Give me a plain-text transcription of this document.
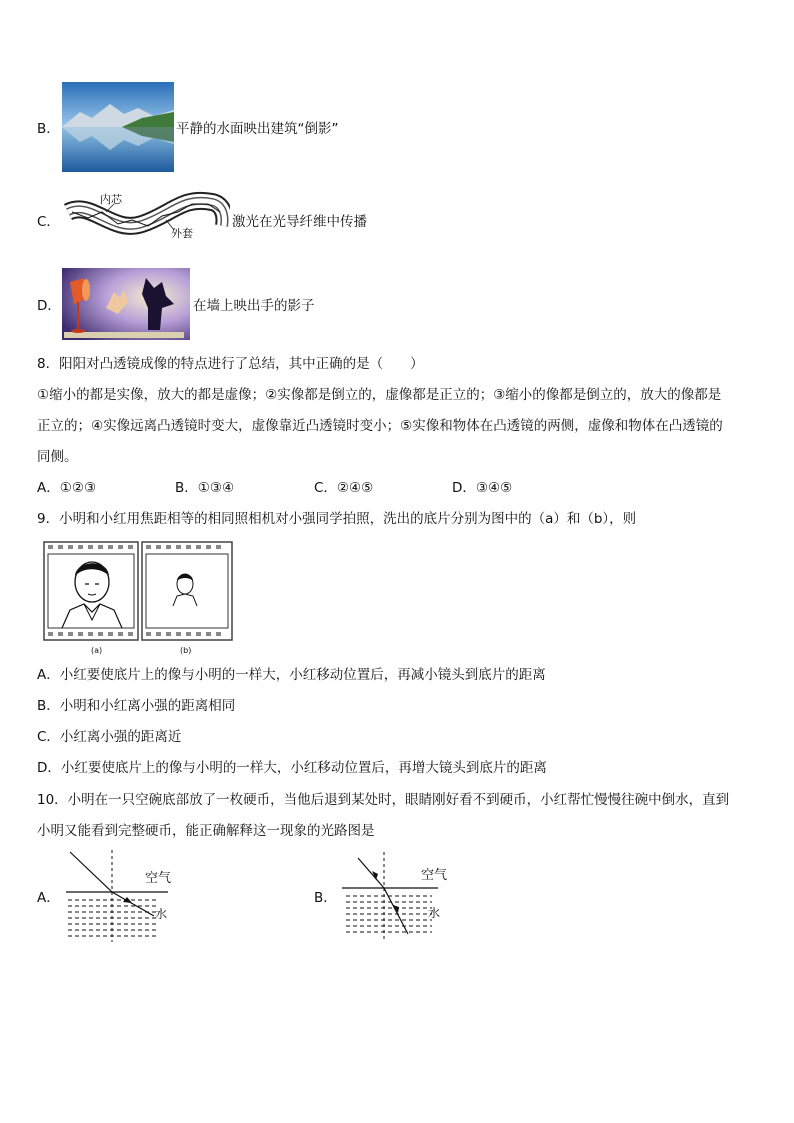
B．	平静的水面映出建筑“倒影”
C．
内芯
外套
激光在光导纤维中传播
D．	在墙上映出手的影子
8．阳阳对凸透镜成像的特点进行了总结，其中正确的是（　　）
①缩小的都是实像，放大的都是虚像；②实像都是倒立的，虚像都是正立的；③缩小的像都是倒立的，放大的像都是
正立的；④实像远离凸透镜时变大，虚像靠近凸透镜时变小；⑤实像和物体在凸透镜的两侧，虚像和物体在凸透镜的
同侧。
A．①②③	B．①③④	C．②④⑤	D．③④⑤
9．小明和小红用焦距相等的相同照相机对小强同学拍照，洗出的底片分别为图中的（a）和（b），则
(a)	(b)
A．小红要使底片上的像与小明的一样大，小红移动位置后，再减小镜头到底片的距离
B．小明和小红离小强的距离相同
C．小红离小强的距离近
D．小红要使底片上的像与小明的一样大，小红移动位置后，再增大镜头到底片的距离
10．小明在一只空碗底部放了一枚硬币，当他后退到某处时，眼睛刚好看不到硬币，小红帮忙慢慢往碗中倒水，直到
小明又能看到完整硬币，能正确解释这一现象的光路图是
A．
空气
水
B．
空气
水
